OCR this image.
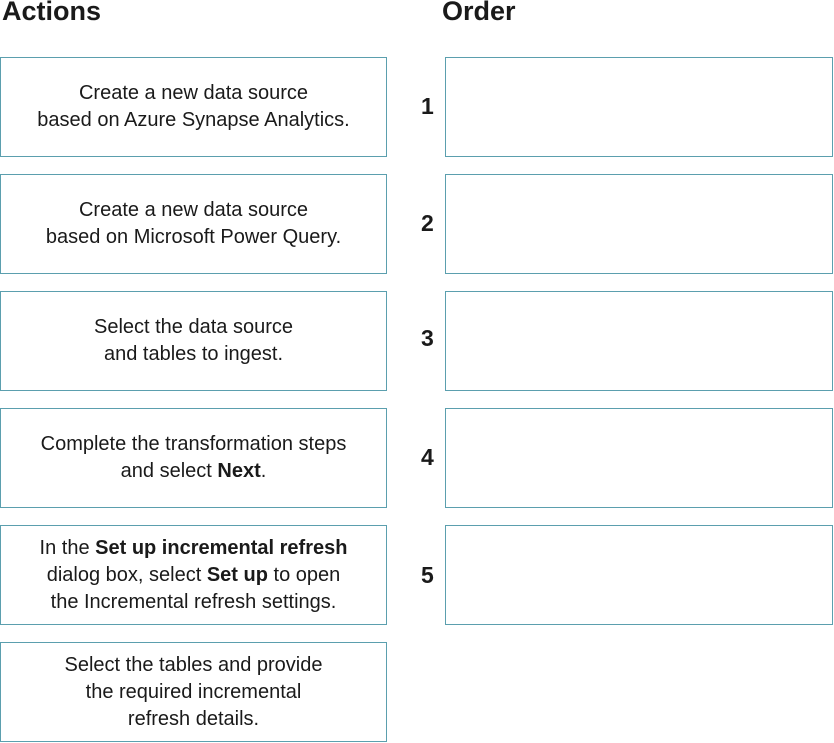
Actions	Order
Create a new data source
based on Azure Synapse Analytics.
Create a new data source
based on Microsoft Power Query.
Select the data source
and tables to ingest.
Complete the transformation steps
and select Next.
In the Set up incremental refresh
dialog box, select Set up to open
the Incremental refresh settings.
Select the tables and provide
the required incremental
refresh details.
1
2
3
4
5
